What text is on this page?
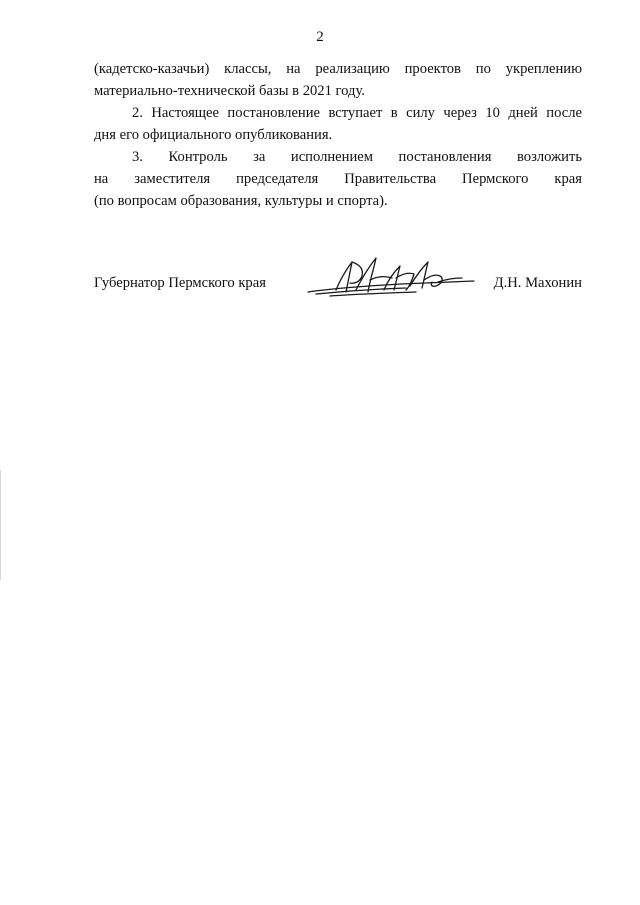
2
(кадетско-казачьи) классы, на реализацию проектов по укреплению
материально-технической базы в 2021 году.
2. Настоящее постановление вступает в силу через 10 дней после
дня его официального опубликования.
3. Контроль за исполнением постановления возложить
на заместителя председателя Правительства Пермского края
(по вопросам образования, культуры и спорта).
Губернатор Пермского края	Д.Н. Махонин
